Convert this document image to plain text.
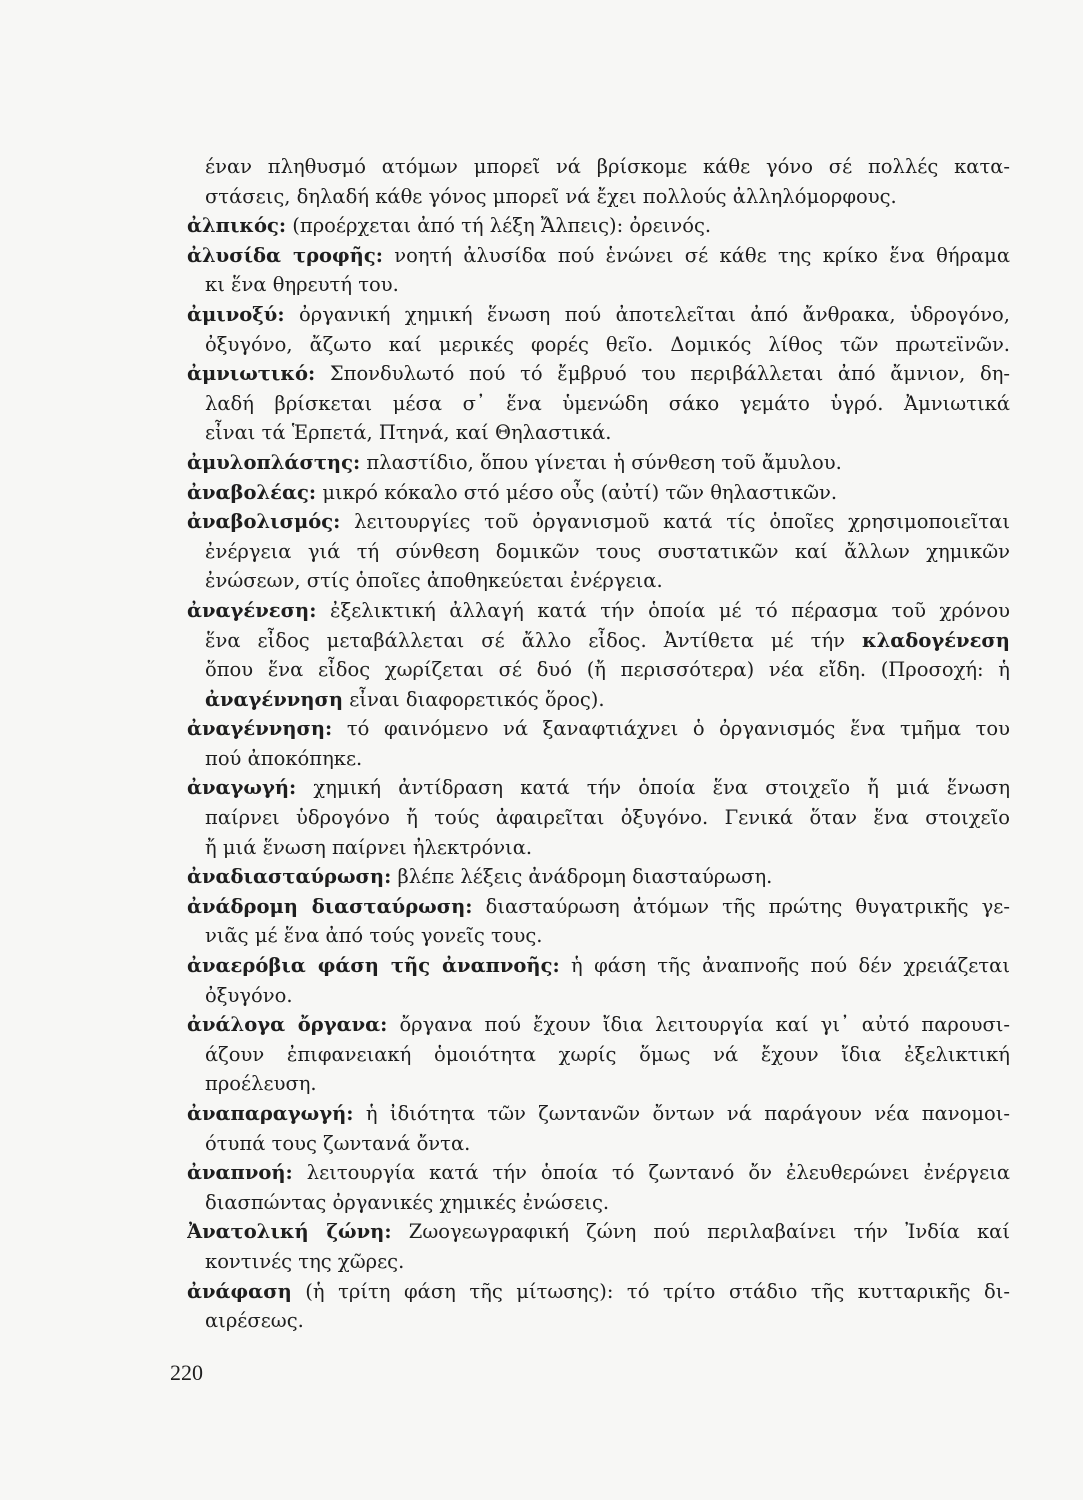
έναν πληθυσμό ατόμων μπορεῖ νά βρίσκομε κάθε γόνο σέ πολλές κατα-
στάσεις, δηλαδή κάθε γόνος μπορεῖ νά ἔχει πολλούς ἀλληλόμορφους.
ἀλπικός: (προέρχεται ἀπό τή λέξη Ἄλπεις): ὀρεινός.
ἀλυσίδα τροφῆς: νοητή ἀλυσίδα πού ἑνώνει σέ κάθε της κρίκο ἕνα θήραμα
κι ἕνα θηρευτή του.
ἀμινοξύ: ὀργανική χημική ἕνωση πού ἀποτελεῖται ἀπό ἄνθρακα, ὑδρογόνο,
ὀξυγόνο, ἄζωτο καί μερικές φορές θεῖο. Δομικός λίθος τῶν πρωτεϊνῶν.
ἀμνιωτικό: Σπονδυλωτό πού τό ἔμβρυό του περιβάλλεται ἀπό ἄμνιον, δη-
λαδή βρίσκεται μέσα σ᾽ ἕνα ὑμενώδη σάκο γεμάτο ὑγρό. Ἀμνιωτικά
εἶναι τά Ἑρπετά, Πτηνά, καί Θηλαστικά.
ἀμυλοπλάστης: πλαστίδιο, ὅπου γίνεται ἡ σύνθεση τοῦ ἄμυλου.
ἀναβολέας: μικρό κόκαλο στό μέσο οὖς (αὐτί) τῶν θηλαστικῶν.
ἀναβολισμός: λειτουργίες τοῦ ὀργανισμοῦ κατά τίς ὁποῖες χρησιμοποιεῖται
ἐνέργεια γιά τή σύνθεση δομικῶν τους συστατικῶν καί ἄλλων χημικῶν
ἐνώσεων, στίς ὁποῖες ἀποθηκεύεται ἐνέργεια.
ἀναγένεση: ἐξελικτική ἀλλαγή κατά τήν ὁποία μέ τό πέρασμα τοῦ χρόνου
ἕνα εἶδος μεταβάλλεται σέ ἄλλο εἶδος. Ἀντίθετα μέ τήν κλαδογένεση
ὅπου ἕνα εἶδος χωρίζεται σέ δυό (ἤ περισσότερα) νέα εἴδη. (Προσοχή: ἡ
ἀναγέννηση εἶναι διαφορετικός ὅρος).
ἀναγέννηση: τό φαινόμενο νά ξαναφτιάχνει ὁ ὀργανισμός ἕνα τμῆμα του
πού ἀποκόπηκε.
ἀναγωγή: χημική ἀντίδραση κατά τήν ὁποία ἕνα στοιχεῖο ἤ μιά ἕνωση
παίρνει ὑδρογόνο ἤ τούς ἀφαιρεῖται ὀξυγόνο. Γενικά ὅταν ἕνα στοιχεῖο
ἤ μιά ἕνωση παίρνει ἠλεκτρόνια.
ἀναδιασταύρωση: βλέπε λέξεις ἀνάδρομη διασταύρωση.
ἀνάδρομη διασταύρωση: διασταύρωση ἀτόμων τῆς πρώτης θυγατρικῆς γε-
νιᾶς μέ ἕνα ἀπό τούς γονεῖς τους.
ἀναερόβια φάση τῆς ἀναπνοῆς: ἡ φάση τῆς ἀναπνοῆς πού δέν χρειάζεται
ὀξυγόνο.
ἀνάλογα ὄργανα: ὄργανα πού ἔχουν ἴδια λειτουργία καί γι᾽ αὐτό παρουσι-
άζουν ἐπιφανειακή ὁμοιότητα χωρίς ὅμως νά ἔχουν ἴδια ἐξελικτική
προέλευση.
ἀναπαραγωγή: ἡ ἰδιότητα τῶν ζωντανῶν ὄντων νά παράγουν νέα πανομοι-
ότυπά τους ζωντανά ὄντα.
ἀναπνοή: λειτουργία κατά τήν ὁποία τό ζωντανό ὄν ἐλευθερώνει ἐνέργεια
διασπώντας ὀργανικές χημικές ἐνώσεις.
Ἀνατολική ζώνη: Ζωογεωγραφική ζώνη πού περιλαβαίνει τήν Ἰνδία καί
κοντινές της χῶρες.
ἀνάφαση (ἡ τρίτη φάση τῆς μίτωσης): τό τρίτο στάδιο τῆς κυτταρικῆς δι-
αιρέσεως.
220
